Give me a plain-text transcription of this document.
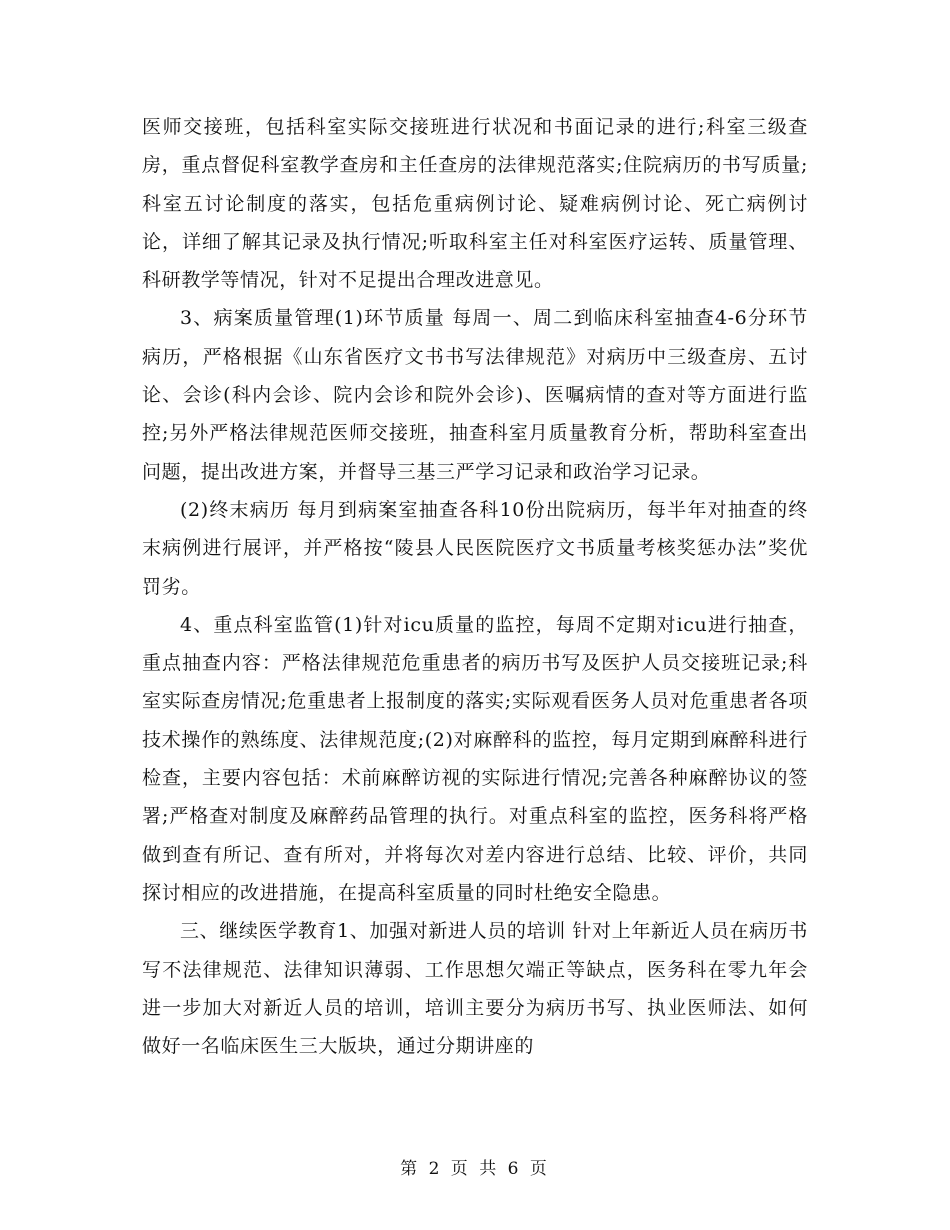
医师交接班，包括科室实际交接班进行状况和书面记录的进行;科室三级查房，重点督促科室教学查房和主任查房的法律规范落实;住院病历的书写质量;科室五讨论制度的落实，包括危重病例讨论、疑难病例讨论、死亡病例讨论，详细了解其记录及执行情况;听取科室主任对科室医疗运转、质量管理、科研教学等情况，针对不足提出合理改进意见。

3、病案质量管理(1)环节质量 每周一、周二到临床科室抽查4-6分环节病历，严格根据《山东省医疗文书书写法律规范》对病历中三级查房、五讨论、会诊(科内会诊、院内会诊和院外会诊)、医嘱病情的查对等方面进行监控;另外严格法律规范医师交接班，抽查科室月质量教育分析，帮助科室查出问题，提出改进方案，并督导三基三严学习记录和政治学习记录。

(2)终末病历 每月到病案室抽查各科10份出院病历，每半年对抽查的终末病例进行展评，并严格按“陵县人民医院医疗文书质量考核奖惩办法”奖优罚劣。

4、重点科室监管(1)针对icu质量的监控，每周不定期对icu进行抽查，重点抽查内容：严格法律规范危重患者的病历书写及医护人员交接班记录;科室实际查房情况;危重患者上报制度的落实;实际观看医务人员对危重患者各项技术操作的熟练度、法律规范度;(2)对麻醉科的监控，每月定期到麻醉科进行检查，主要内容包括：术前麻醉访视的实际进行情况;完善各种麻醉协议的签署;严格查对制度及麻醉药品管理的执行。对重点科室的监控，医务科将严格做到查有所记、查有所对，并将每次对差内容进行总结、比较、评价，共同探讨相应的改进措施，在提高科室质量的同时杜绝安全隐患。

三、继续医学教育1、加强对新进人员的培训 针对上年新近人员在病历书写不法律规范、法律知识薄弱、工作思想欠端正等缺点，医务科在零九年会进一步加大对新近人员的培训，培训主要分为病历书写、执业医师法、如何做好一名临床医生三大版块，通过分期讲座的

第 2 页 共 6 页
